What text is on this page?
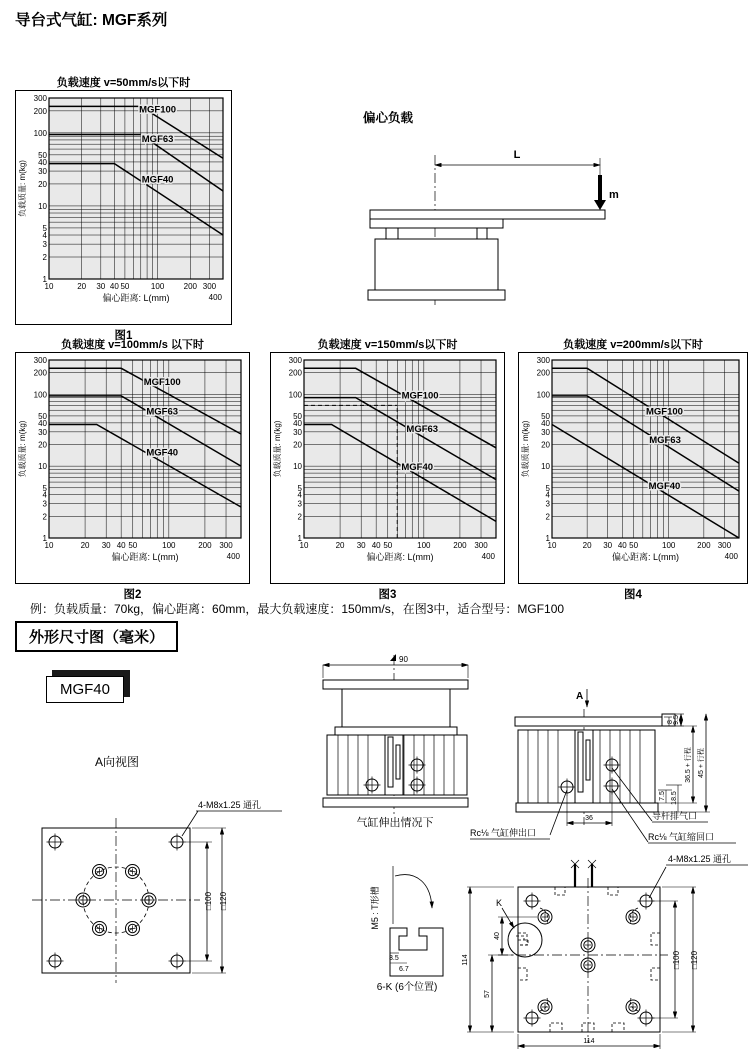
导台式气缸: MGF系列
负载速度 v=50mm/s以下时
1
2
3
4
5
10
20
30
40
50
100
200
300
10	20 30 40 50	100 200 300
400
偏心距离: L(mm)
负载质量: m(kg)
MGF100
MGF63
MGF40
图1
偏心负载
L
m
负载速度 v=100mm/s 以下时
1
2
3
4
5
10
20
30
40
50
100
200
300
10	20 30 40 50	100	200 300
400
偏心距离: L(mm)
负载质量: m(kg)
MGF100
MGF63
MGF40
图2
负载速度 v=150mm/s以下时
1
2
3
4
5
10
20
30
40
50
100
200
300
10	20 30 40 50	100	200 300
400
偏心距离: L(mm)
负载质量: m(kg)
MGF100
MGF63
MGF40
图3
负载速度 v=200mm/s以下时
1
2
3
4
5
10
20
30
40
50
100
200
300
10	20 30 40 50	100	200 300
400
偏心距离: L(mm)
负载质量: m(kg)
MGF100
MGF63
MGF40
图4
例：负载质量：70kg，偏心距离：60mm，最大负载速度：150mm/s，在图3中，适合型号：MGF100
外形尺寸图（毫米）
MGF40
A向视图
□100 □120
4-M8x1.25 通孔
90
气缸伸出情况下
A
8 9.5
36.5 + 行程 45 + 行程
7.5 18.5
36
Rc⅛ 气缸伸出口
导杆排气口
Rc⅛ 气缸缩回口
M5 : T形槽
3.5
6.7
6-K (6个位置)
K
□100 □120
4-M8x1.25 通孔
114
114
57
40
